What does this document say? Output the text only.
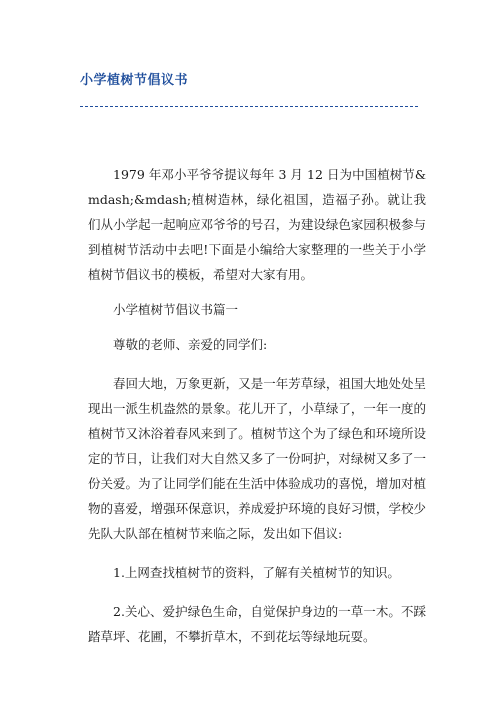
小学植树节倡议书

1979 年邓小平爷爷提议每年 3 月 12 日为中国植树节&mdash;&mdash;植树造林，绿化祖国，造福子孙。就让我们从小学起一起响应邓爷爷的号召，为建设绿色家园积极参与到植树节活动中去吧!下面是小编给大家整理的一些关于小学植树节倡议书的模板，希望对大家有用。

小学植树节倡议书篇一

尊敬的老师、亲爱的同学们:

春回大地，万象更新，又是一年芳草绿，祖国大地处处呈现出一派生机盎然的景象。花儿开了，小草绿了，一年一度的植树节又沐浴着春风来到了。植树节这个为了绿色和环境所设定的节日，让我们对大自然又多了一份呵护，对绿树又多了一份关爱。为了让同学们能在生活中体验成功的喜悦，增加对植物的喜爱，增强环保意识，养成爱护环境的良好习惯，学校少先队大队部在植树节来临之际，发出如下倡议:

1.上网查找植树节的资料，了解有关植树节的知识。

2.关心、爱护绿色生命，自觉保护身边的一草一木。不踩踏草坪、花圃，不攀折草木，不到花坛等绿地玩耍。
